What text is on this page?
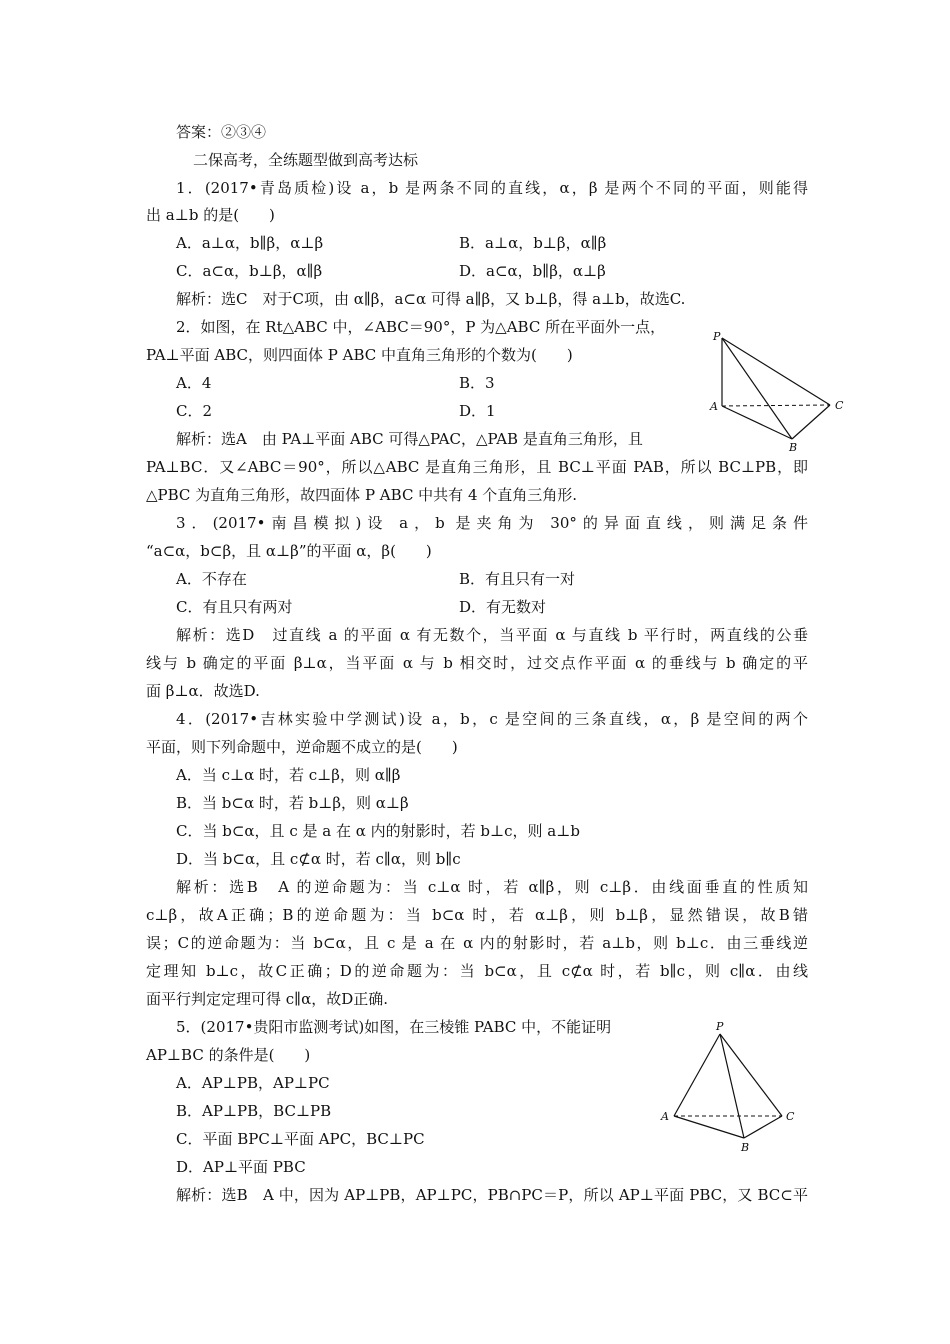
答案：②③④
二保高考，全练题型做到高考达标
1．(2017•青岛质检)设 a，b 是两条不同的直线，α，β 是两个不同的平面，则能得
出 a⊥b 的是(　　)
A．a⊥α，b∥β，α⊥β	B．a⊥α，b⊥β，α∥β
C．a⊂α，b⊥β，α∥β	D．a⊂α，b∥β，α⊥β
解析：选C　对于C项，由 α∥β，a⊂α 可得 a∥β，又 b⊥β，得 a⊥b，故选C.
2．如图，在 Rt△ABC 中，∠ABC＝90°，P 为△ABC 所在平面外一点，
PA⊥平面 ABC，则四面体 P ABC 中直角三角形的个数为(　　)
A．4	B．3
C．2	D．1
解析：选A　由 PA⊥平面 ABC 可得△PAC，△PAB 是直角三角形，且
PA⊥BC．又∠ABC＝90°，所以△ABC 是直角三角形，且 BC⊥平面 PAB，所以 BC⊥PB，即
△PBC 为直角三角形，故四面体 P ABC 中共有 4 个直角三角形.
P
A
B
C
3．(2017•南昌模拟)设 a，b 是夹角为 30°的异面直线，则满足条件
“a⊂α，b⊂β，且 α⊥β”的平面 α，β(　　)
A．不存在	B．有且只有一对
C．有且只有两对	D．有无数对
解析：选D　过直线 a 的平面 α 有无数个，当平面 α 与直线 b 平行时，两直线的公垂
线与 b 确定的平面 β⊥α，当平面 α 与 b 相交时，过交点作平面 α 的垂线与 b 确定的平
面 β⊥α．故选D.
4．(2017•吉林实验中学测试)设 a，b，c 是空间的三条直线，α，β 是空间的两个
平面，则下列命题中，逆命题不成立的是(　　)
A．当 c⊥α 时，若 c⊥β，则 α∥β
B．当 b⊂α 时，若 b⊥β，则 α⊥β
C．当 b⊂α，且 c 是 a 在 α 内的射影时，若 b⊥c，则 a⊥b
D．当 b⊂α，且 c⊄α 时，若 c∥α，则 b∥c
解析：选B　A 的逆命题为：当 c⊥α 时，若 α∥β，则 c⊥β．由线面垂直的性质知
c⊥β，故A正确；B的逆命题为：当 b⊂α 时，若 α⊥β，则 b⊥β，显然错误，故B错
误；C的逆命题为：当 b⊂α，且 c 是 a 在 α 内的射影时，若 a⊥b，则 b⊥c．由三垂线逆
定理知 b⊥c，故C正确；D的逆命题为：当 b⊂α，且 c⊄α 时，若 b∥c，则 c∥α．由线
面平行判定定理可得 c∥α，故D正确.
5．(2017•贵阳市监测考试)如图，在三棱锥 PABC 中，不能证明
AP⊥BC 的条件是(　　)
A．AP⊥PB，AP⊥PC
B．AP⊥PB，BC⊥PB
C．平面 BPC⊥平面 APC，BC⊥PC
D．AP⊥平面 PBC
解析：选B　A 中，因为 AP⊥PB，AP⊥PC，PB∩PC＝P，所以 AP⊥平面 PBC，又 BC⊂平
P
A
B
C
